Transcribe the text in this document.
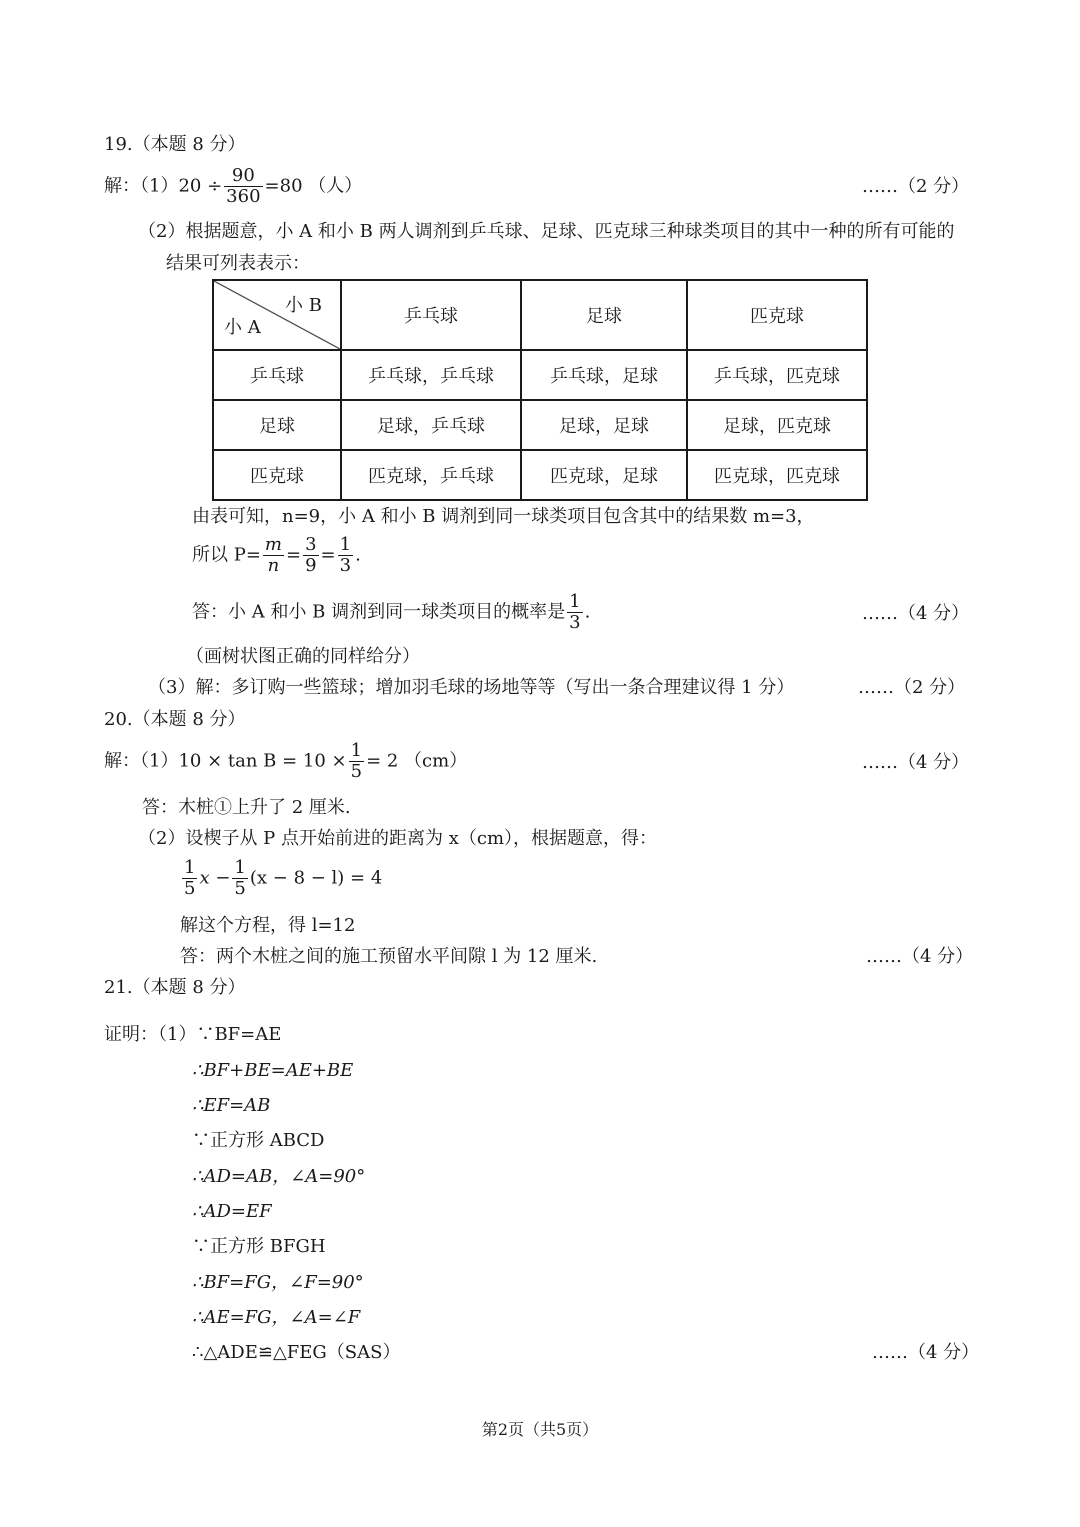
19.（本题 8 分）
解：$(1)20 \div \frac{90}{360} =80$ （人）	……（2 分）
（2）根据题意，小 A 和小 B 两人调剂到乒乓球、足球、匹克球三种球类项目的其中一种的所有可能的
结果可列表表示：
小 B
小 A	乒乓球	足球	匹克球
乒乓球	乒乓球，乒乓球	乒乓球，足球	乒乓球，匹克球
足球	足球，乒乓球	足球，足球	足球，匹克球
匹克球	匹克球，乒乓球	匹克球，足球	匹克球，匹克球
由表可知，n=9，小 A 和小 B 调剂到同一球类项目包含其中的结果数 m=3，
所以 $P= \frac{m}{n} = \frac{3}{9} = \frac{1}{3}$ .
答：小 A 和小 B 调剂到同一球类项目的概率是 $\frac{1}{3}$ .	……（4 分）
（画树状图正确的同样给分）
（3）解：多订购一些篮球；增加羽毛球的场地等等（写出一条合理建议得 1 分）	……（2 分）
20.（本题 8 分）
解：$(1)10 \times \tan B = 10 \times \frac{1}{5} = 2$ （cm）	……（4 分）
答：木桩①上升了 2 厘米.
（2）设楔子从 P 点开始前进的距离为 x（cm），根据题意，得：
$\frac{1}{5}$ $x - \frac{1}{5} (x - 8 - l) = 4$
解这个方程，得 l=12
答：两个木桩之间的施工预留水平间隙 l 为 12 厘米.	……（4 分）
21.（本题 8 分）
证明：（1）∵BF=AE
∴BF+BE=AE+BE
∴EF=AB
∵正方形 ABCD
∴AD=AB，∠A=90°
∴AD=EF
∵正方形 BFGH
∴BF=FG，∠F=90°
∴AE=FG，∠A=∠F
∴△ADE≌△FEG（SAS）	……（4 分）
第2页（共5页）
